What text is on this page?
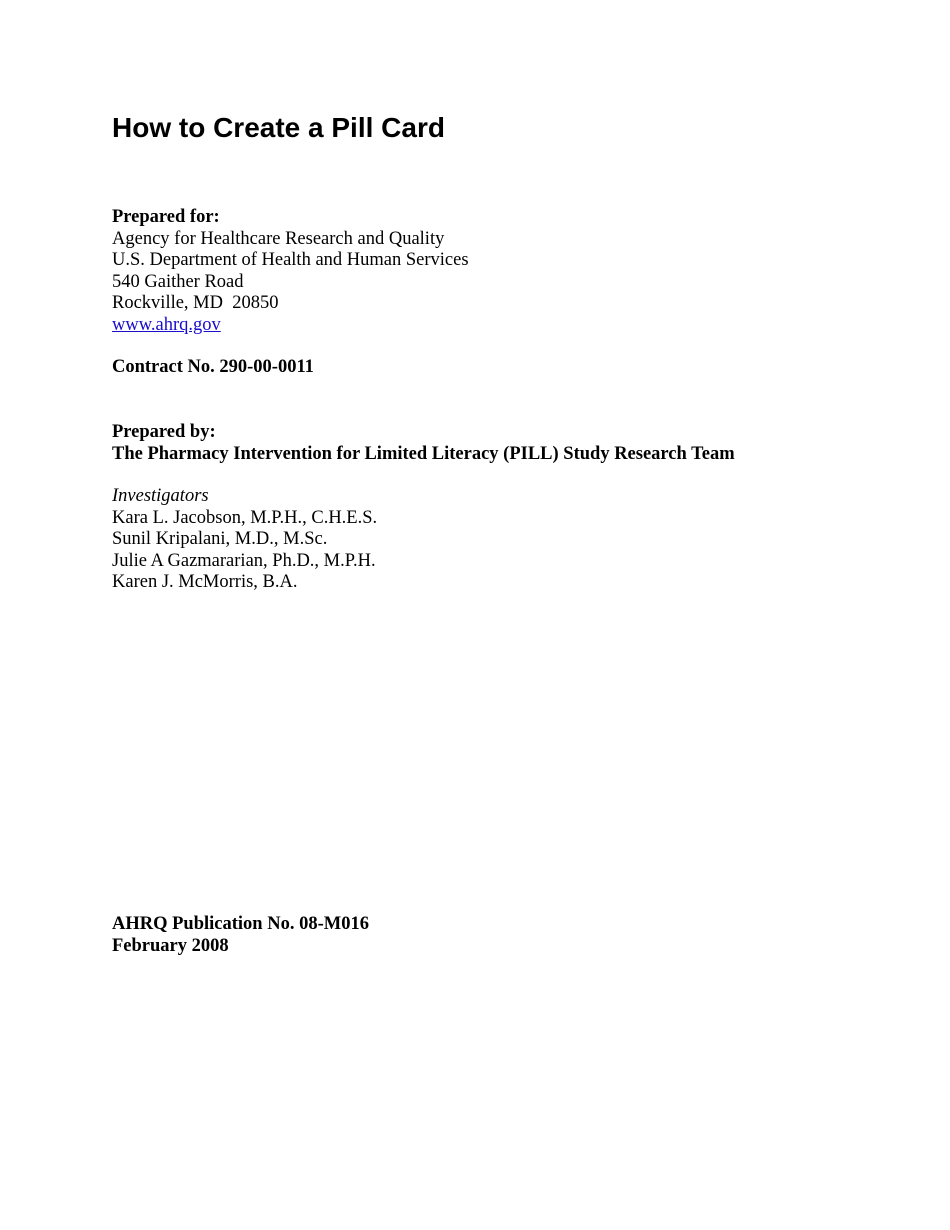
How to Create a Pill Card
Prepared for:
Agency for Healthcare Research and Quality
U.S. Department of Health and Human Services
540 Gaither Road
Rockville, MD  20850
www.ahrq.gov
Contract No. 290-00-0011
Prepared by:
The Pharmacy Intervention for Limited Literacy (PILL) Study Research Team
Investigators
Kara L. Jacobson, M.P.H., C.H.E.S.
Sunil Kripalani, M.D., M.Sc.
Julie A Gazmararian, Ph.D., M.P.H.
Karen J. McMorris, B.A.
AHRQ Publication No. 08-M016
February 2008
